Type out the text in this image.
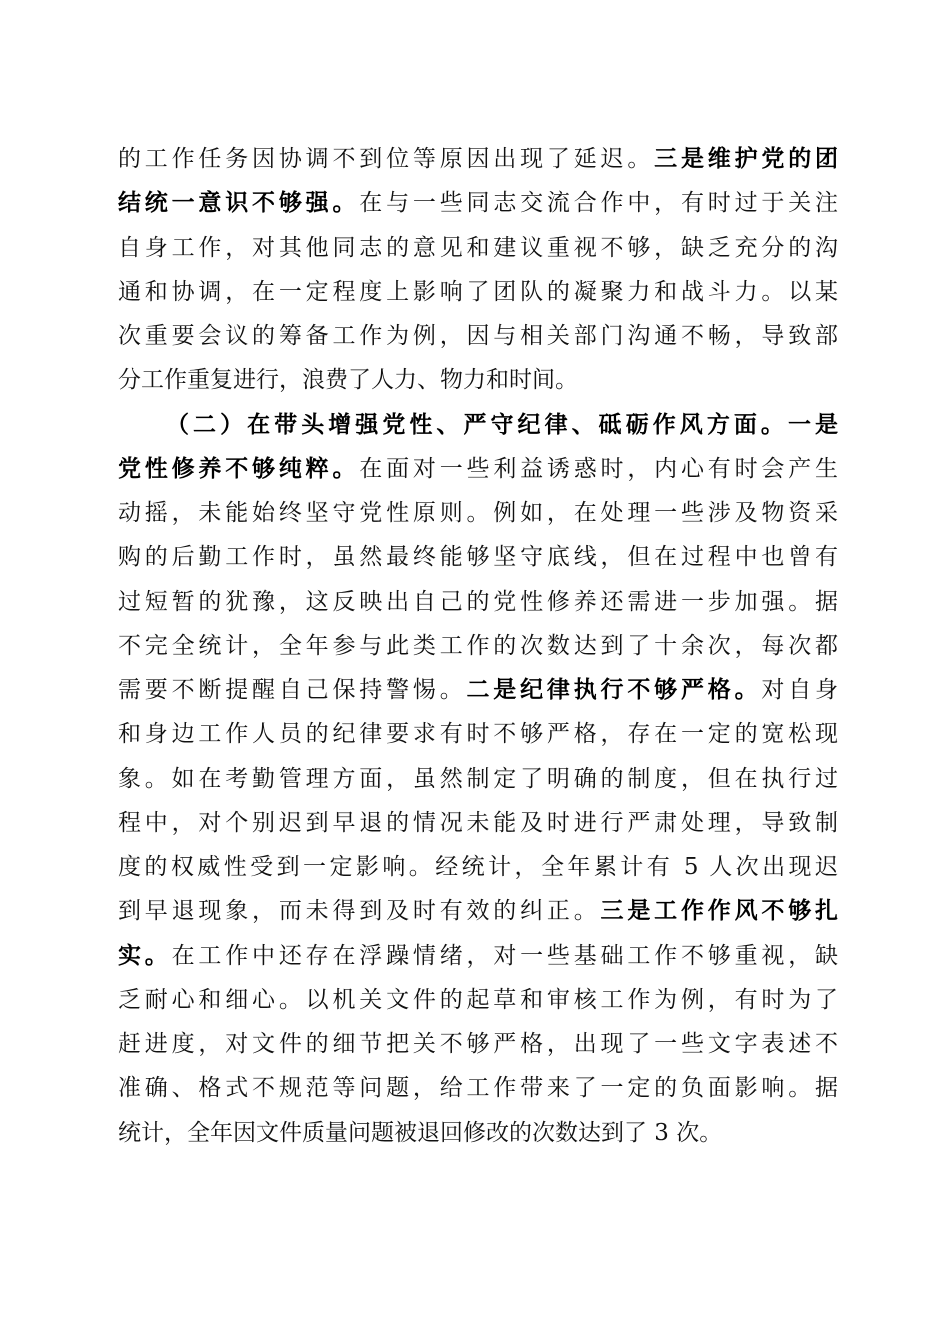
的工作任务因协调不到位等原因出现了延迟。三是维护党的团
结统一意识不够强。在与一些同志交流合作中，有时过于关注
自身工作，对其他同志的意见和建议重视不够，缺乏充分的沟
通和协调，在一定程度上影响了团队的凝聚力和战斗力。以某
次重要会议的筹备工作为例，因与相关部门沟通不畅，导致部
分工作重复进行，浪费了人力、物力和时间。
（二）在带头增强党性、严守纪律、砥砺作风方面。一是
党性修养不够纯粹。在面对一些利益诱惑时，内心有时会产生
动摇，未能始终坚守党性原则。例如，在处理一些涉及物资采
购的后勤工作时，虽然最终能够坚守底线，但在过程中也曾有
过短暂的犹豫，这反映出自己的党性修养还需进一步加强。据
不完全统计，全年参与此类工作的次数达到了十余次，每次都
需要不断提醒自己保持警惕。二是纪律执行不够严格。对自身
和身边工作人员的纪律要求有时不够严格，存在一定的宽松现
象。如在考勤管理方面，虽然制定了明确的制度，但在执行过
程中，对个别迟到早退的情况未能及时进行严肃处理，导致制
度的权威性受到一定影响。经统计，全年累计有 5 人次出现迟
到早退现象，而未得到及时有效的纠正。三是工作作风不够扎
实。在工作中还存在浮躁情绪，对一些基础工作不够重视，缺
乏耐心和细心。以机关文件的起草和审核工作为例，有时为了
赶进度，对文件的细节把关不够严格，出现了一些文字表述不
准确、格式不规范等问题，给工作带来了一定的负面影响。据
统计，全年因文件质量问题被退回修改的次数达到了 3 次。
